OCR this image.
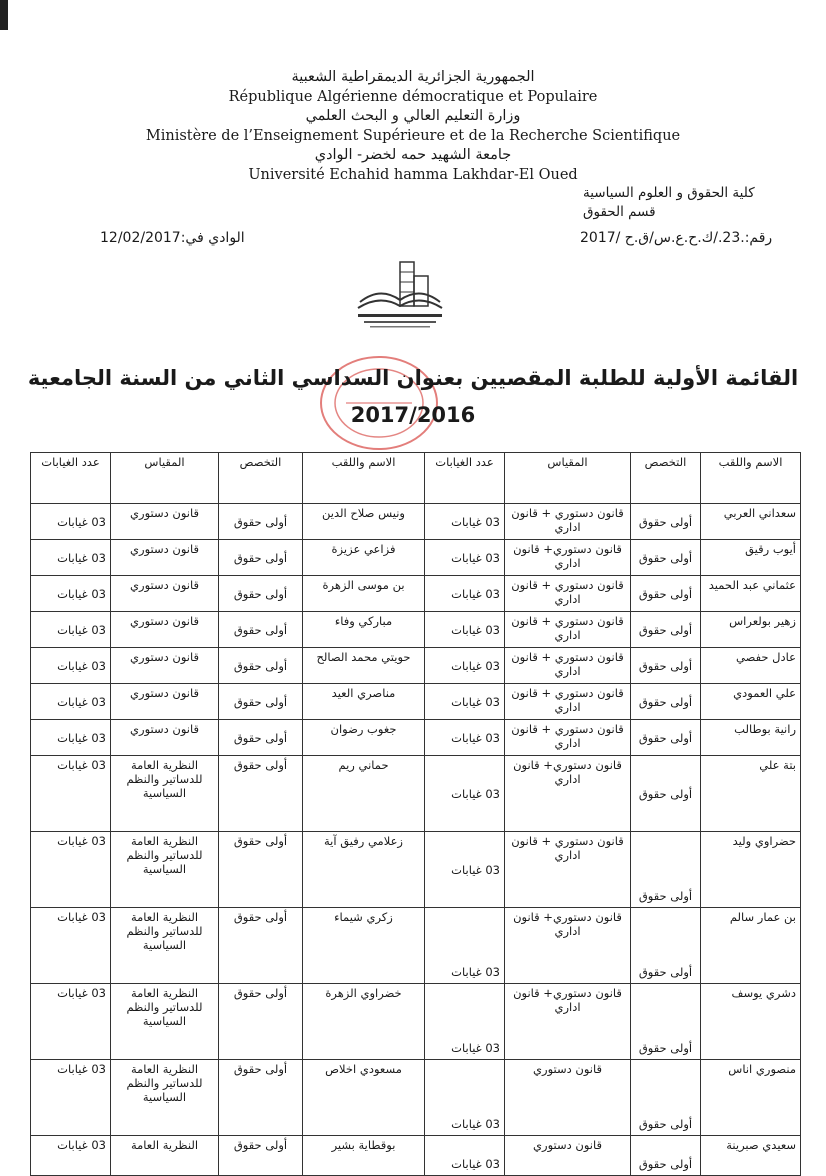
الجمهورية الجزائرية الديمقراطية الشعبية
République Algérienne démocratique et Populaire
وزارة التعليم العالي و البحث العلمي
Ministère de l’Enseignement Supérieure et de la Recherche Scientifique
جامعة الشهيد حمه لخضر- الوادي
Université Echahid hamma Lakhdar-El Oued
كلية الحقوق و العلوم السياسية
قسم الحقوق
رقم:.23./ك.ح.ع.س/ق.ح /2017
الوادي في:12/02/2017
القائمة الأولية للطلبة المقصيين بعنوان السداسي الثاني من السنة الجامعية
2017/2016
عدد الغيابات	المقياس	التخصص	الاسم واللقب	عدد الغيابات	المقياس	التخصص	الاسم واللقب
03 غيابات	قانون دستوري	أولى حقوق	ونيس صلاح الدين	03 غيابات	قانون دستوري + قانون اداري	أولى حقوق	سعداني العربي
03 غيابات	قانون دستوري	أولى حقوق	فزاعي عزيزة	03 غيابات	قانون دستوري+ قانون اداري	أولى حقوق	أيوب رقيق
03 غيابات	قانون دستوري	أولى حقوق	بن موسى الزهرة	03 غيابات	قانون دستوري + قانون اداري	أولى حقوق	عثماني عبد الحميد
03 غيابات	قانون دستوري	أولى حقوق	مباركي وفاء	03 غيابات	قانون دستوري + قانون اداري	أولى حقوق	زهير بولعراس
03 غيابات	قانون دستوري	أولى حقوق	حويتي محمد الصالح	03 غيابات	قانون دستوري + قانون اداري	أولى حقوق	عادل حفصي
03 غيابات	قانون دستوري	أولى حقوق	مناصري العيد	03 غيابات	قانون دستوري + قانون اداري	أولى حقوق	علي العمودي
03 غيابات	قانون دستوري	أولى حقوق	جغوب رضوان	03 غيابات	قانون دستوري + قانون اداري	أولى حقوق	رانية بوطالب
03 غيابات	النظرية العامة للدساتير والنظم السياسية	أولى حقوق	حماني ريم	03 غيابات	قانون دستوري+ قانون اداري	أولى حقوق	بتة علي
03 غيابات	النظرية العامة للدساتير والنظم السياسية	أولى حقوق	زعلامي رفيق آية	03 غيابات	قانون دستوري + قانون اداري	أولى حقوق	حضراوي وليد
03 غيابات	النظرية العامة للدساتير والنظم السياسية	أولى حقوق	زكري شيماء	03 غيابات	قانون دستوري+ قانون اداري	أولى حقوق	بن عمار سالم
03 غيابات	النظرية العامة للدساتير والنظم السياسية	أولى حقوق	خضراوي الزهرة	03 غيابات	قانون دستوري+ قانون اداري	أولى حقوق	دشري يوسف
03 غيابات	النظرية العامة للدساتير والنظم السياسية	أولى حقوق	مسعودي اخلاص	03 غيابات	قانون دستوري	أولى حقوق	منصوري اناس
03 غيابات	النظرية العامة	أولى حقوق	بوقطاية بشير	03 غيابات	قانون دستوري	أولى حقوق	سعيدي صبرينة
